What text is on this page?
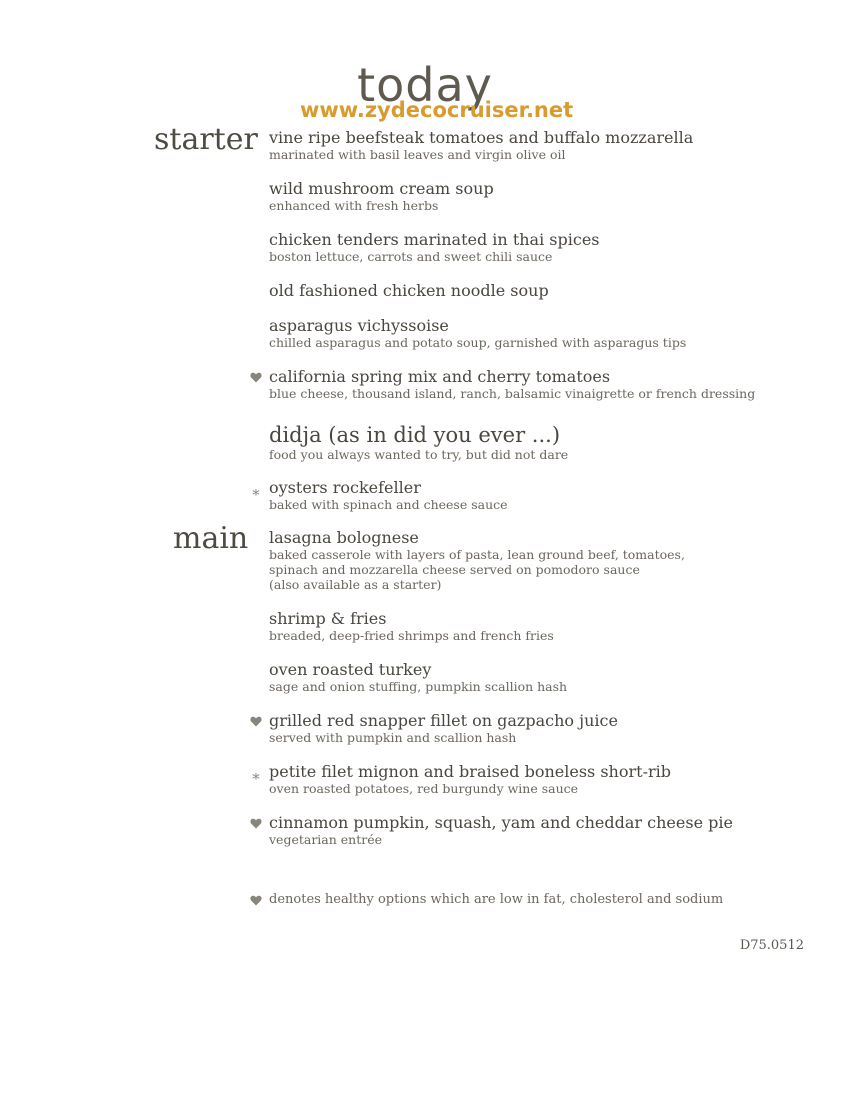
today
www.zydecocruiser.net
starter
main
vine ripe beefsteak tomatoes and buffalo mozzarella
marinated with basil leaves and virgin olive oil
wild mushroom cream soup
enhanced with fresh herbs
chicken tenders marinated in thai spices
boston lettuce, carrots and sweet chili sauce
old fashioned chicken noodle soup
asparagus vichyssoise
chilled asparagus and potato soup, garnished with asparagus tips
california spring mix and cherry tomatoes
blue cheese, thousand island, ranch, balsamic vinaigrette or french dressing
didja (as in did you ever ...)
food you always wanted to try, but did not dare
∗ oysters rockefeller
baked with spinach and cheese sauce
lasagna bolognese
baked casserole with layers of pasta, lean ground beef, tomatoes,
spinach and mozzarella cheese served on pomodoro sauce
(also available as a starter)
shrimp & fries
breaded, deep-fried shrimps and french fries
oven roasted turkey
sage and onion stuffing, pumpkin scallion hash
grilled red snapper fillet on gazpacho juice
served with pumpkin and scallion hash
∗ petite filet mignon and braised boneless short-rib
oven roasted potatoes, red burgundy wine sauce
cinnamon pumpkin, squash, yam and cheddar cheese pie
vegetarian entrée
denotes healthy options which are low in fat, cholesterol and sodium
D75.0512
